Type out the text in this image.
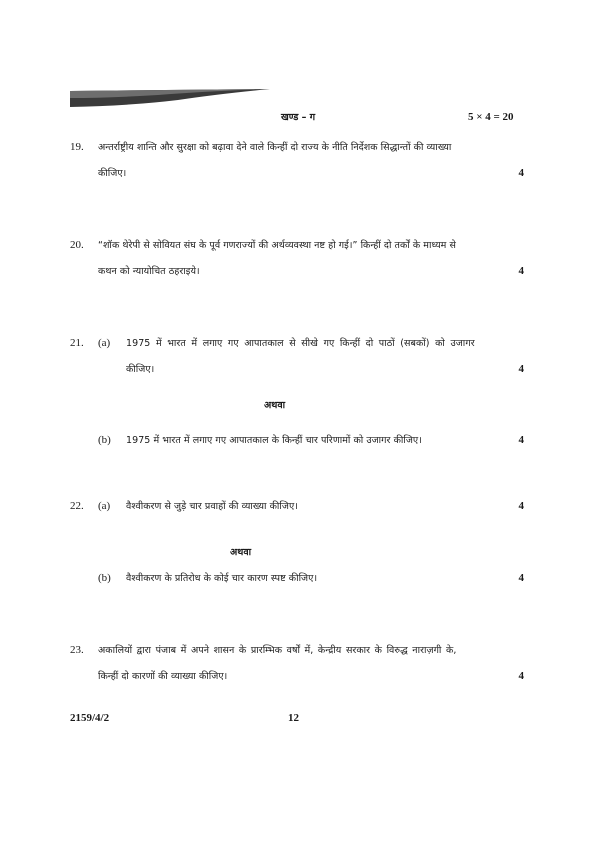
खण्ड – ग	5 × 4 = 20
19. अन्तर्राष्ट्रीय शान्ति और सुरक्षा को बढ़ावा देने वाले किन्हीं दो राज्य के नीति निर्देशक सिद्धान्तों की व्याख्या
कीजिए।	4
20. “शॉक थेरेपी से सोवियत संघ के पूर्व गणराज्यों की अर्थव्यवस्था नष्ट हो गई।” किन्हीं दो तर्कों के माध्यम से
कथन को न्यायोचित ठहराइये।	4
21. (a) 1975 में भारत में लगाए गए आपातकाल से सीखे गए किन्हीं दो पाठों (सबकों) को उजागर
कीजिए।	4
अथवा
(b) 1975 में भारत में लगाए गए आपातकाल के किन्हीं चार परिणामों को उजागर कीजिए।	4
22. (a) वैश्वीकरण से जुड़े चार प्रवाहों की व्याख्या कीजिए।	4
अथवा
(b) वैश्वीकरण के प्रतिरोध के कोई चार कारण स्पष्ट कीजिए।	4
23. अकालियों द्वारा पंजाब में अपने शासन के प्रारम्भिक वर्षों में, केन्द्रीय सरकार के विरुद्ध नाराज़गी के,
किन्हीं दो कारणों की व्याख्या कीजिए।	4
2159/4/2	12
